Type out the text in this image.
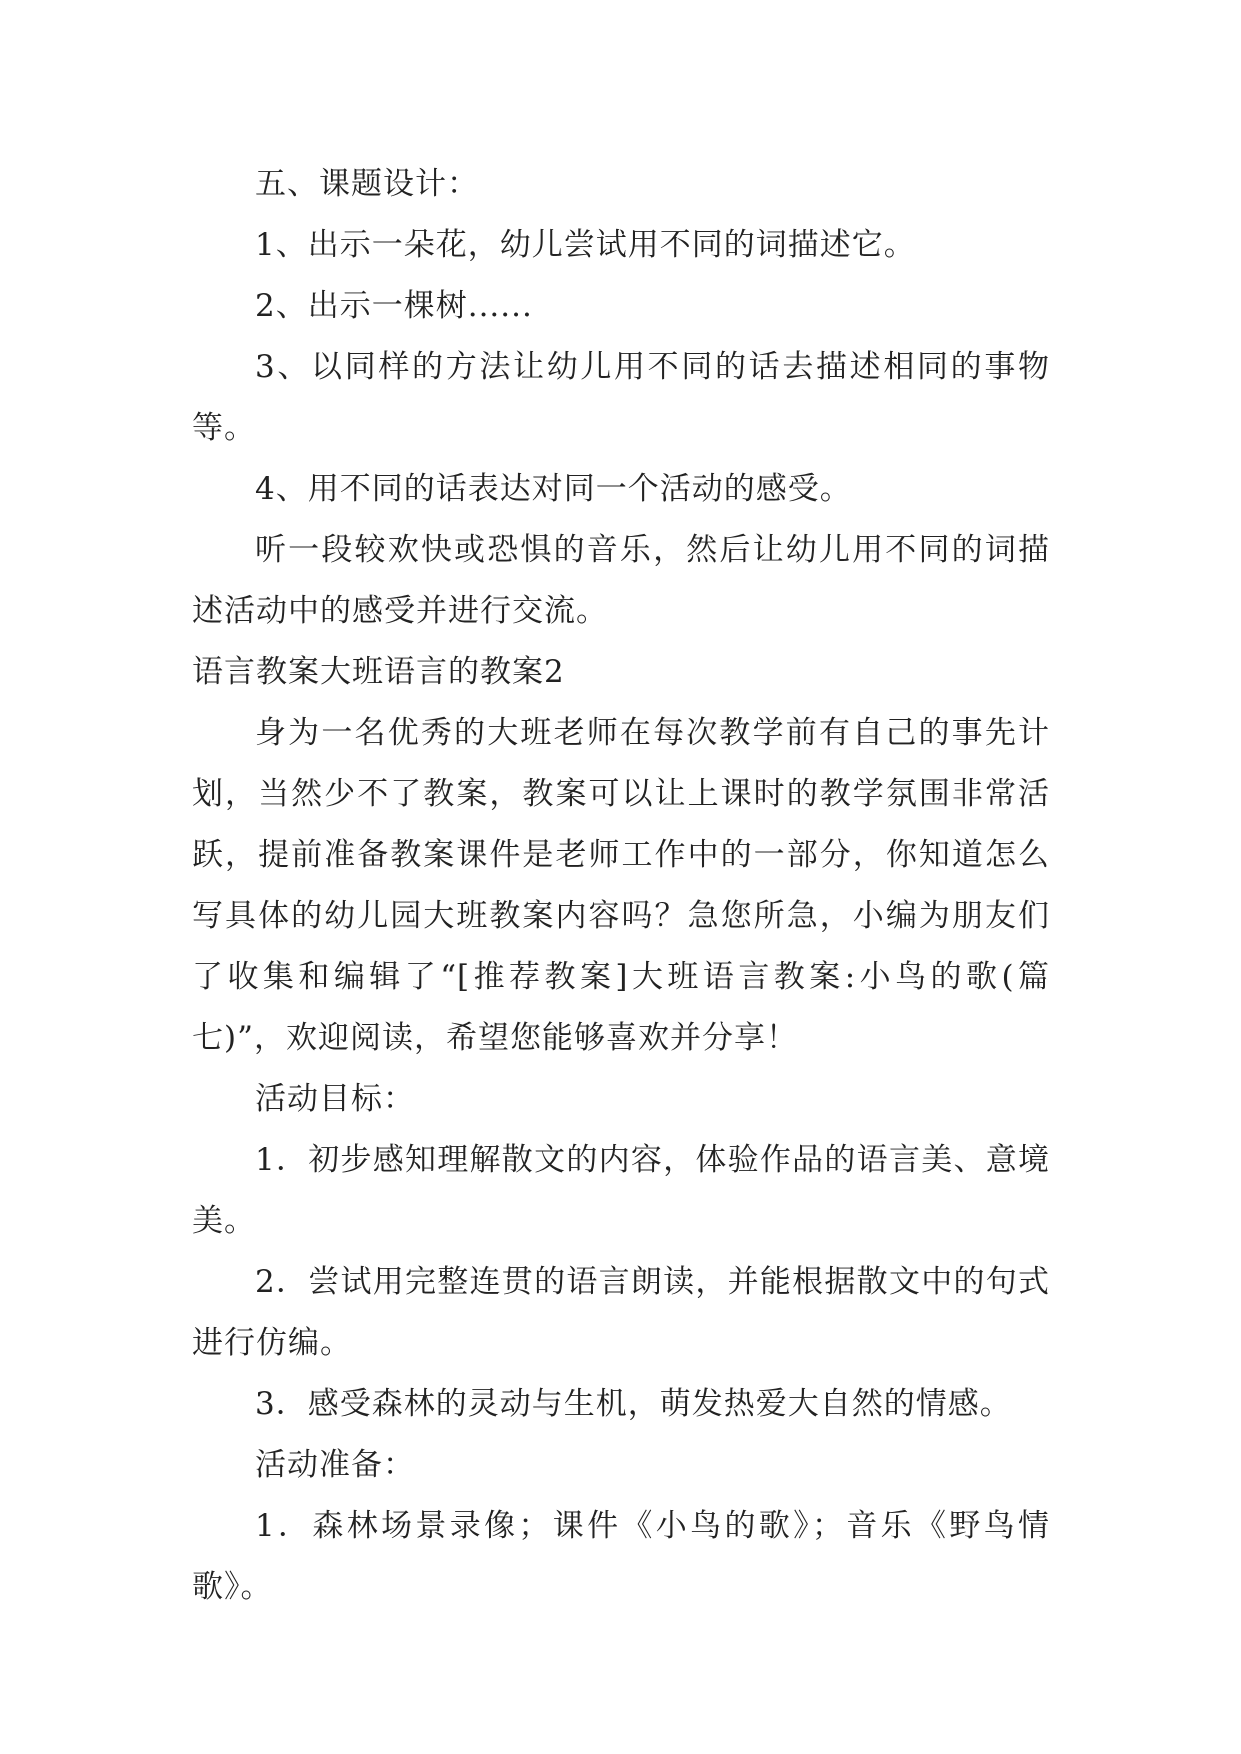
五、课题设计：

1、出示一朵花，幼儿尝试用不同的词描述它。

2、出示一棵树......

3、以同样的方法让幼儿用不同的话去描述相同的事物等。

4、用不同的话表达对同一个活动的感受。

听一段较欢快或恐惧的音乐，然后让幼儿用不同的词描述活动中的感受并进行交流。

语言教案大班语言的教案2

身为一名优秀的大班老师在每次教学前有自己的事先计划，当然少不了教案，教案可以让上课时的教学氛围非常活跃，提前准备教案课件是老师工作中的一部分，你知道怎么写具体的幼儿园大班教案内容吗？急您所急，小编为朋友们了收集和编辑了“[推荐教案]大班语言教案:小鸟的歌(篇七)”，欢迎阅读，希望您能够喜欢并分享！

活动目标：

1．初步感知理解散文的内容，体验作品的语言美、意境美。

2．尝试用完整连贯的语言朗读，并能根据散文中的句式进行仿编。

3．感受森林的灵动与生机，萌发热爱大自然的情感。

活动准备：

1．森林场景录像；课件《小鸟的歌》；音乐《野鸟情歌》。
